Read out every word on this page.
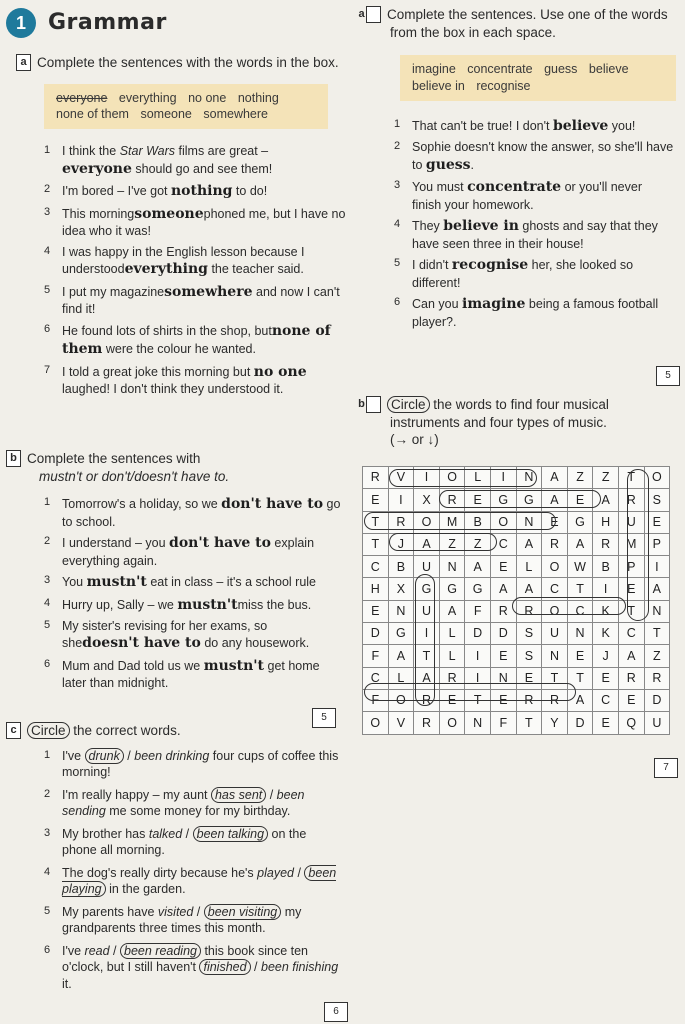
1	Grammar
a Complete the sentences with the words in the box.
everyone everything no one nothing
none of them someone somewhere
1 I think the Star Wars films are great –
everyone should go and see them!
2 I'm bored – I've got nothing to do!
3 This morningsomeonephoned me, but I have no idea who it was!
4 I was happy in the English lesson because I understoodeverything the teacher said.
5 I put my magazinesomewhere and now I can't find it!
6 He found lots of shirts in the shop, butnone of them were the colour he wanted.
7 I told a great joke this morning but no one laughed! I don't think they understood it.
b Complete the sentences with
mustn't or don't/doesn't have to.
1 Tomorrow's a holiday, so we don't have to go to school.
2 I understand – you don't have to explain everything again.
3 You mustn't eat in class – it's a school rule
4 Hurry up, Sally – we mustn'tmiss the bus.
5 My sister's revising for her exams, so shedoesn't have to do any housework.
6 Mum and Dad told us we mustn't get home later than midnight.
5
c Circle the correct words.
1 I've drunk / been drinking four cups of coffee this morning!
2 I'm really happy – my aunt has sent / been sending me some money for my birthday.
3 My brother has talked / been talking on the phone all morning.
4 The dog's really dirty because he's played / been playing in the garden.
5 My parents have visited / been visiting my grandparents three times this month.
6 I've read / been reading this book since ten o'clock, but I still haven't finished / been finishing it.
6
a Complete the sentences. Use one of the words from the box in each space.
imagine concentrate guess believe
believe in recognise
1 That can't be true! I don't believe you!
2 Sophie doesn't know the answer, so she'll have to guess.
3 You must concentrate or you'll never finish your homework.
4 They believe in ghosts and say that they have seen three in their house!
5 I didn't recognise her, she looked so different!
6 Can you imagine being a famous football player?.
5
b Circle the words to find four musical instruments and four types of music.
(→ or ↓)
R	V	I	O	L	I	N	A	Z	Z	T	O
E	I	X	R	E	G	G	A	E	A	R	S
T	R	O	M	B	O	N	E	G	H	U	E
T	J	A	Z	Z	C	A	R	A	R	M	P
C	B	U	N	A	E	L	O	W	B	P	I
H	X	G	G	G	A	A	C	T	I	E	A
E	N	U	A	F	R	R	O	C	K	T	N
D	G	I	L	D	D	S	U	N	K	C	T
F	A	T	L	I	E	S	N	E	J	A	Z
C	L	A	R	I	N	E	T	T	E	R	R
F	O	R	E	T	E	R	R	A	C	E	D
O	V	R	O	N	F	T	Y	D	E	Q	U
7
